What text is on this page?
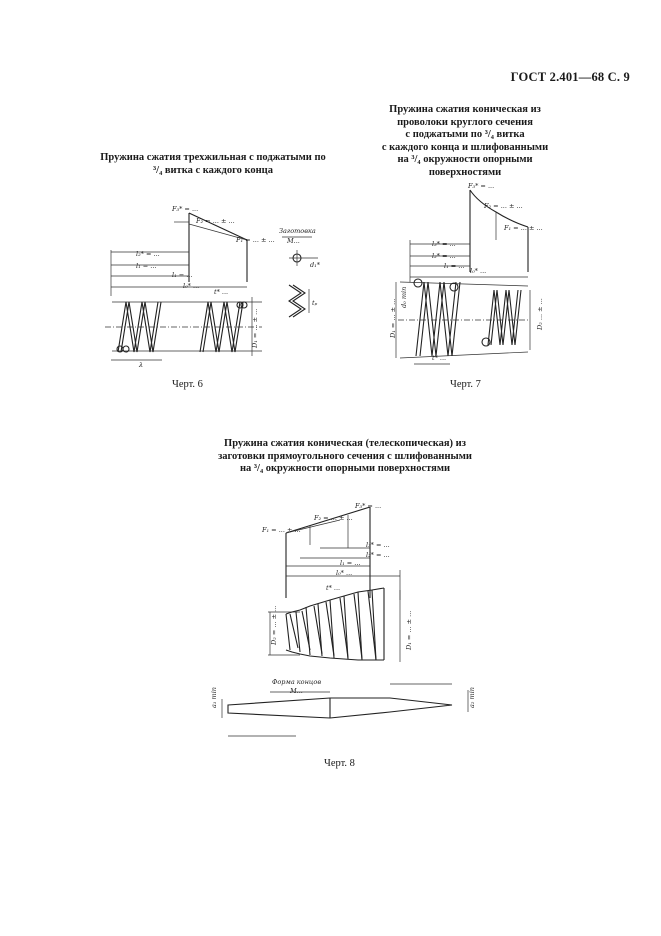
ГОСТ 2.401—68 С. 9
Пружина сжатия трехжильная с поджатыми по
³/₄ витка с каждого конца
Пружина сжатия коническая из
проволоки круглого сечения
с поджатыми по ³/₄ витка
с каждого конца и шлифованными
на ³/₄ окружности опорными
поверхностями
F₃* = ...
F₂ = ... ± ...
F₁ = ... ± ...
l₂* = ...
l₁ = ...
l₁ = ...
l₀* ...
t* ...
D₁ = ... ± ...
λ
Заготовка
M...
d₁*
tₚ
Черт. 6
F₃* = ...
F₂ = ... ± ...
F₁ = ... ± ...
l₃* = ...
l₂* = ...
l₁ = ...
l₀* ...
D₁ = ... ± ...	D₂ ... ± ...
d₀ min
t* ...
Черт. 7
Пружина сжатия коническая (телескопическая) из
заготовки прямоугольного сечения с шлифованными
на ³/₄ окружности опорными поверхностями
F₁ = ... ± ...
F₂ = ... ± ...
F₃* = ...
l₃* = ...
l₂* = ...
l₁ = ...
l₀* ...
t* ...
D₂ = ... ± ...	D₁ = ... ± ...
Форма концов
M...
a₁ min	a₂ min
Черт. 8
